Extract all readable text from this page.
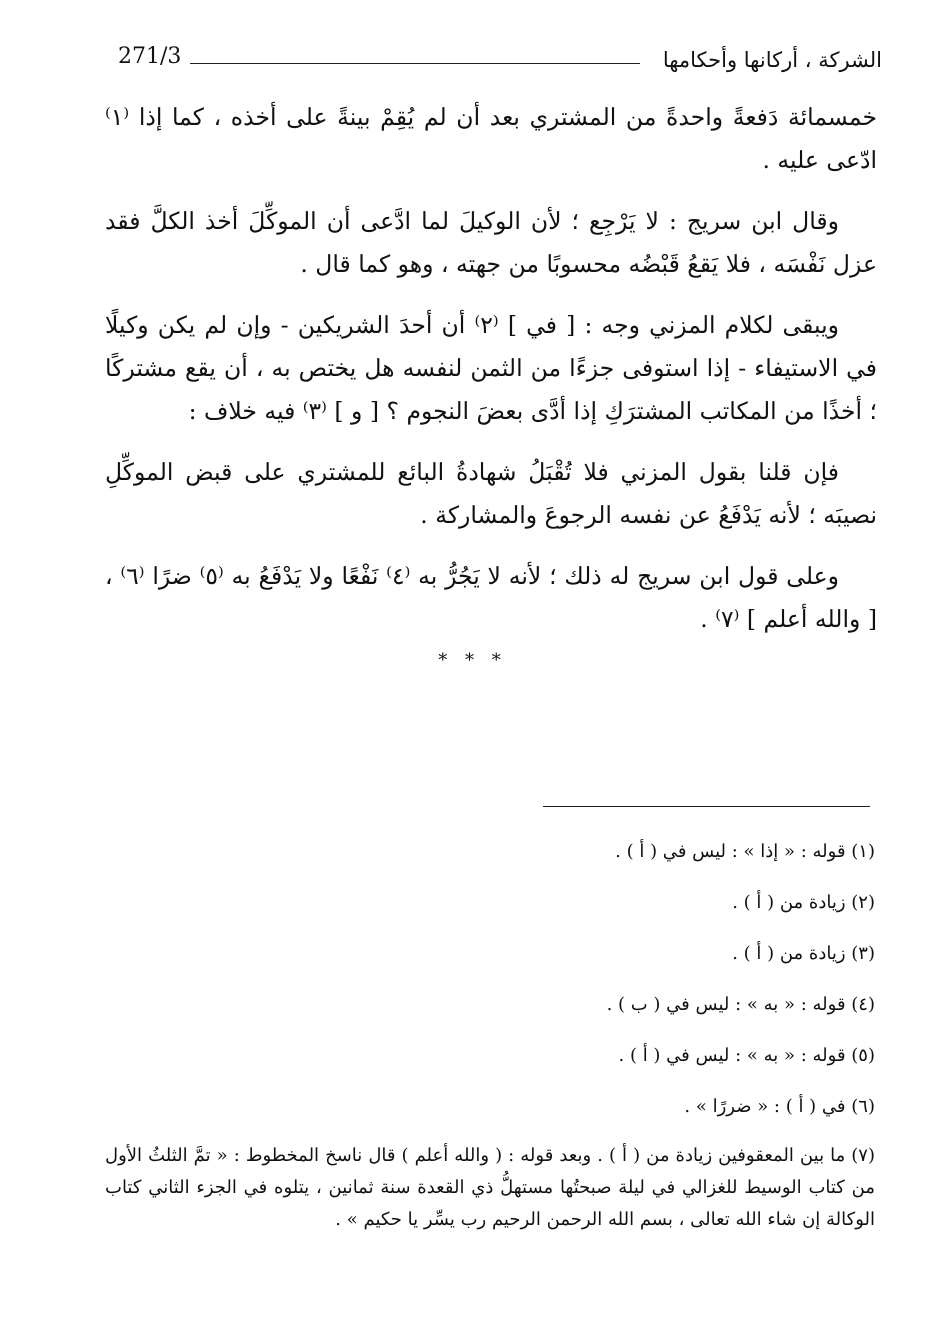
271/3	الشركة ، أركانها وأحكامها

خمسمائة دَفعةً واحدةً من المشتري بعد أن لم يُقِمْ بينةً على أخذه ، كما إذا ⁽١⁾ ادّعى عليه .

وقال ابن سريج : لا يَرْجِع ؛ لأن الوكيلَ لما ادَّعى أن الموكِّلَ أخذ الكلَّ فقد عزل نَفْسَه ، فلا يَقعُ قَبْضُه محسوبًا من جهته ، وهو كما قال .

ويبقى لكلام المزني وجه : [ في ] ⁽٢⁾ أن أحدَ الشريكين - وإن لم يكن وكيلًا في الاستيفاء - إذا استوفى جزءًا من الثمن لنفسه هل يختص به ، أن يقع مشتركًا ؛ أخذًا من المكاتب المشترَكِ إذا أدَّى بعضَ النجوم ؟ [ و ] ⁽٣⁾ فيه خلاف :

فإن قلنا بقول المزني فلا تُقْبَلُ شهادةُ البائع للمشتري على قبض الموكِّلِ نصيبَه ؛ لأنه يَدْفَعُ عن نفسه الرجوعَ والمشاركة .

وعلى قول ابن سريج له ذلك ؛ لأنه لا يَجُرُّ به ⁽٤⁾ نَفْعًا ولا يَدْفَعُ به ⁽٥⁾ ضرًا ⁽٦⁾ ، [ والله أعلم ] ⁽٧⁾ .

* * *

(١) قوله : « إذا » : ليس في ( أ ) .

(٢) زيادة من ( أ ) .

(٣) زيادة من ( أ ) .

(٤) قوله : « به » : ليس في ( ب ) .

(٥) قوله : « به » : ليس في ( أ ) .

(٦) في ( أ ) : « ضررًا » .

(٧) ما بين المعقوفين زيادة من ( أ ) . وبعد قوله : ( والله أعلم ) قال ناسخ المخطوط : « تمَّ الثلثُ الأول من كتاب الوسيط للغزالي في ليلة صبحتُها مستهلُّ ذي القعدة سنة ثمانين ، يتلوه في الجزء الثاني كتاب الوكالة إن شاء الله تعالى ، بسم الله الرحمن الرحيم رب يسِّر يا حكيم » .
